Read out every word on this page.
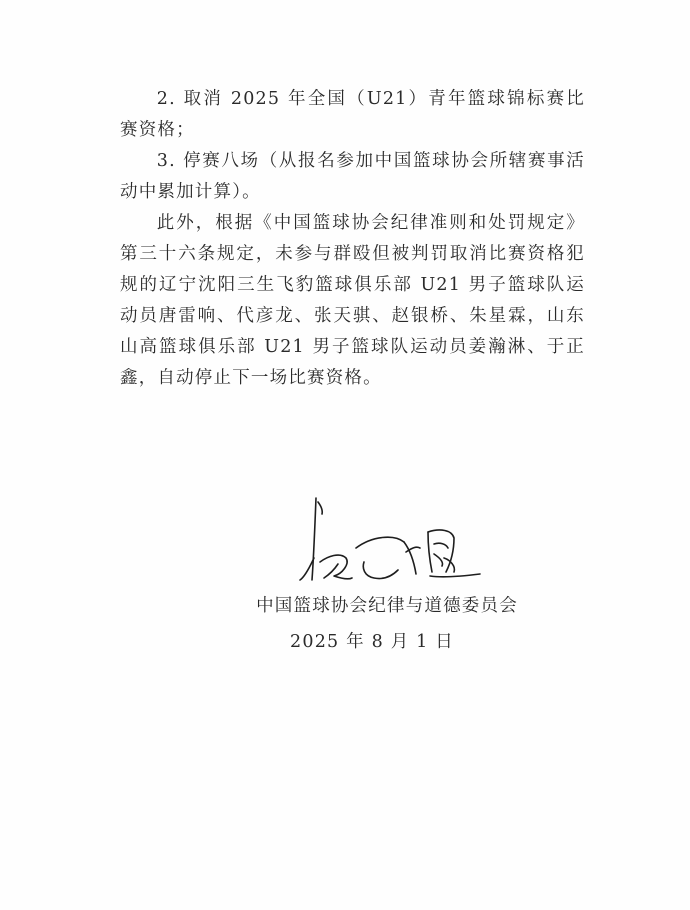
2. 取消 2025 年全国（U21）青年篮球锦标赛比赛资格；

3. 停赛八场（从报名参加中国篮球协会所辖赛事活动中累加计算）。

此外，根据《中国篮球协会纪律准则和处罚规定》第三十六条规定，未参与群殴但被判罚取消比赛资格犯规的辽宁沈阳三生飞豹篮球俱乐部 U21 男子篮球队运动员唐雷响、代彦龙、张天骐、赵银桥、朱星霖，山东山高篮球俱乐部 U21 男子篮球队运动员姜瀚淋、于正鑫，自动停止下一场比赛资格。

中国篮球协会纪律与道德委员会
2025 年 8 月 1 日
